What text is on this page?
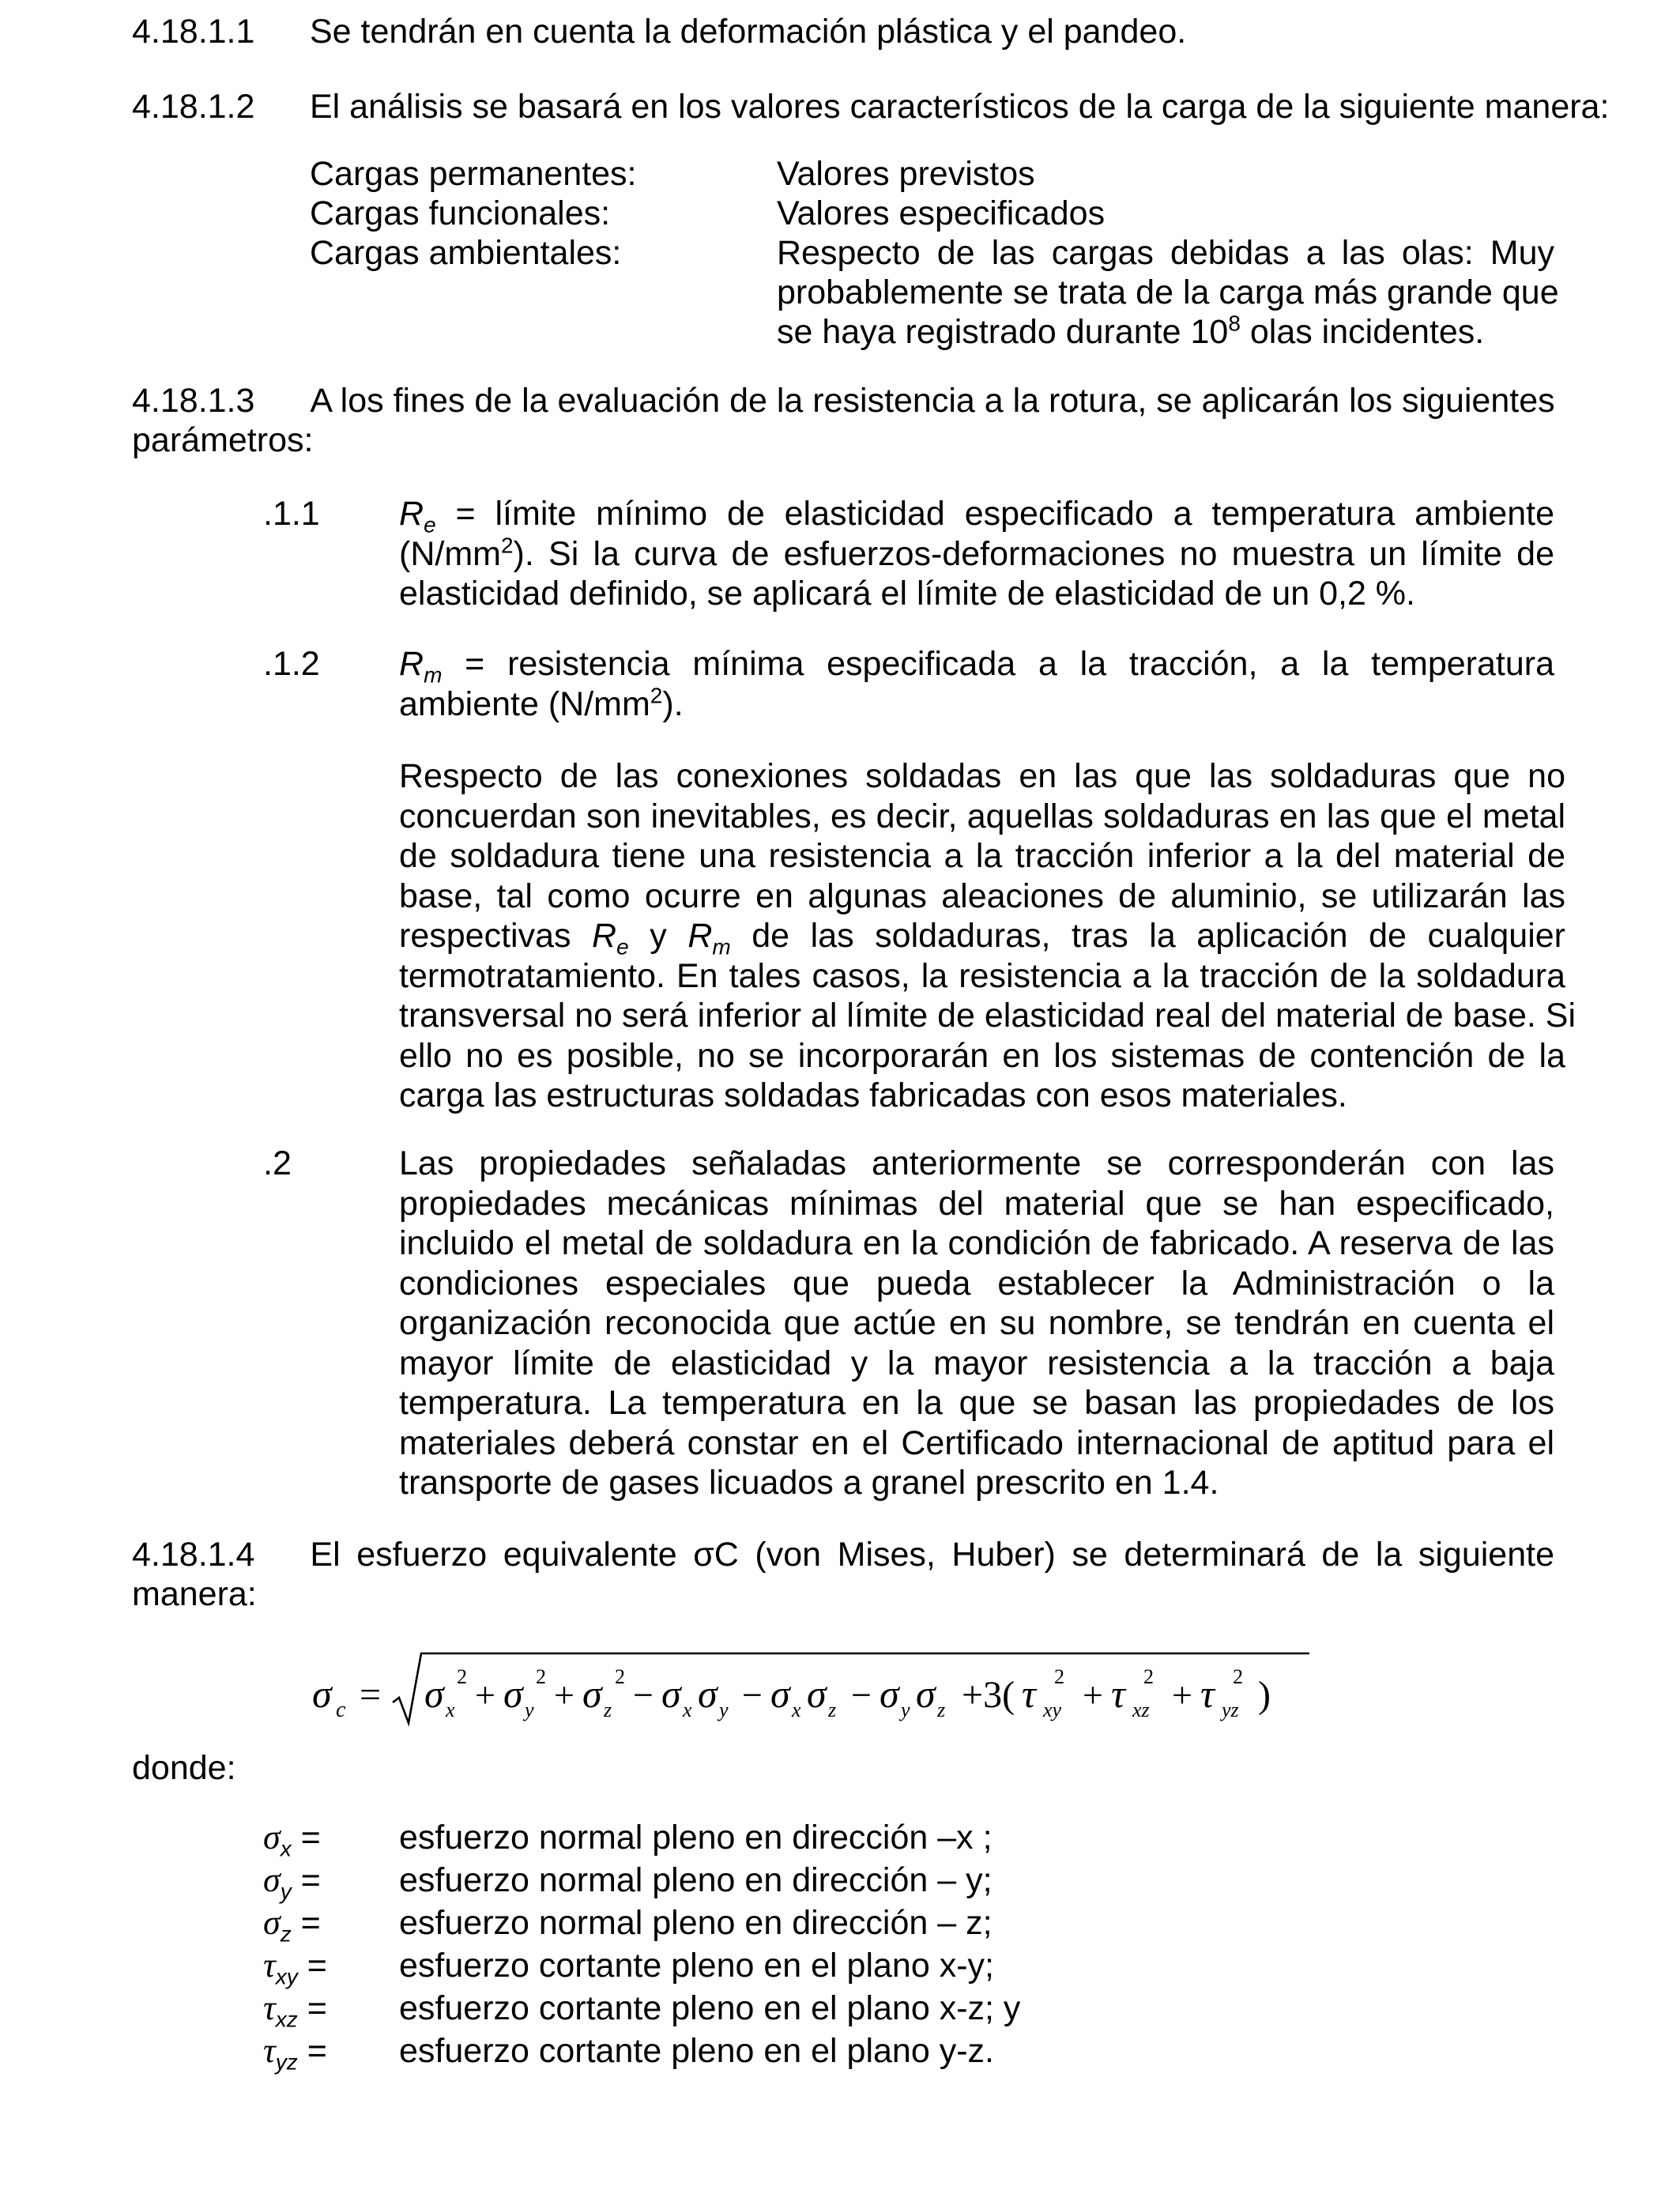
4.18.1.1 Se tendrán en cuenta la deformación plástica y el pandeo.
4.18.1.2 El análisis se basará en los valores característicos de la carga de la siguiente manera:
Cargas permanentes:	Valores previstos
Cargas funcionales:	Valores especificados
Cargas ambientales:	Respecto de las cargas debidas a las olas: Muy
probablemente se trata de la carga más grande que
se haya registrado durante $10^8$ olas incidentes.
4.18.1.3 A los fines de la evaluación de la resistencia a la rotura, se aplicarán los siguientes
parámetros:
.1.1 $R_e$ = límite mínimo de elasticidad especificado a temperatura ambiente
$(N/mm^2)$. Si la curva de esfuerzos-deformaciones no muestra un límite de
elasticidad definido, se aplicará el límite de elasticidad de un 0,2 %.
.1.2 $R_m$ = resistencia mínima especificada a la tracción, a la temperatura
ambiente $(N/mm^2)$.
Respecto de las conexiones soldadas en las que las soldaduras que no
concuerdan son inevitables, es decir, aquellas soldaduras en las que el metal
de soldadura tiene una resistencia a la tracción inferior a la del material de
base, tal como ocurre en algunas aleaciones de aluminio, se utilizarán las
respectivas $R_e$ y $R_m$ de las soldaduras, tras la aplicación de cualquier
termotratamiento. En tales casos, la resistencia a la tracción de la soldadura
transversal no será inferior al límite de elasticidad real del material de base. Si
ello no es posible, no se incorporarán en los sistemas de contención de la
carga las estructuras soldadas fabricadas con esos materiales.
.2	Las propiedades señaladas anteriormente se corresponderán con las
propiedades mecánicas mínimas del material que se han especificado,
incluido el metal de soldadura en la condición de fabricado. A reserva de las
condiciones especiales que pueda establecer la Administración o la
organización reconocida que actúe en su nombre, se tendrán en cuenta el
mayor límite de elasticidad y la mayor resistencia a la tracción a baja
temperatura. La temperatura en la que se basan las propiedades de los
materiales deberá constar en el Certificado internacional de aptitud para el
transporte de gases licuados a granel prescrito en 1.4.
4.18.1.4 El esfuerzo equivalente σC (von Mises, Huber) se determinará de la siguiente
manera:
σ c = σ x
2 + σ y
2 + σ z
2 − σ x σ y − σ x σ z − σ y σ z +3( τ xy
2 + τ xz
2 + τ yz
2 )
donde:
$\sigma_x$ = esfuerzo normal pleno en dirección –x ;
$\sigma_y$ = esfuerzo normal pleno en dirección – y;
$\sigma_z$ = esfuerzo normal pleno en dirección – z;
$\tau_{xy}$ = esfuerzo cortante pleno en el plano x-y;
$\tau_{xz}$ = esfuerzo cortante pleno en el plano x-z; y
$\tau_{yz}$ = esfuerzo cortante pleno en el plano y-z.
